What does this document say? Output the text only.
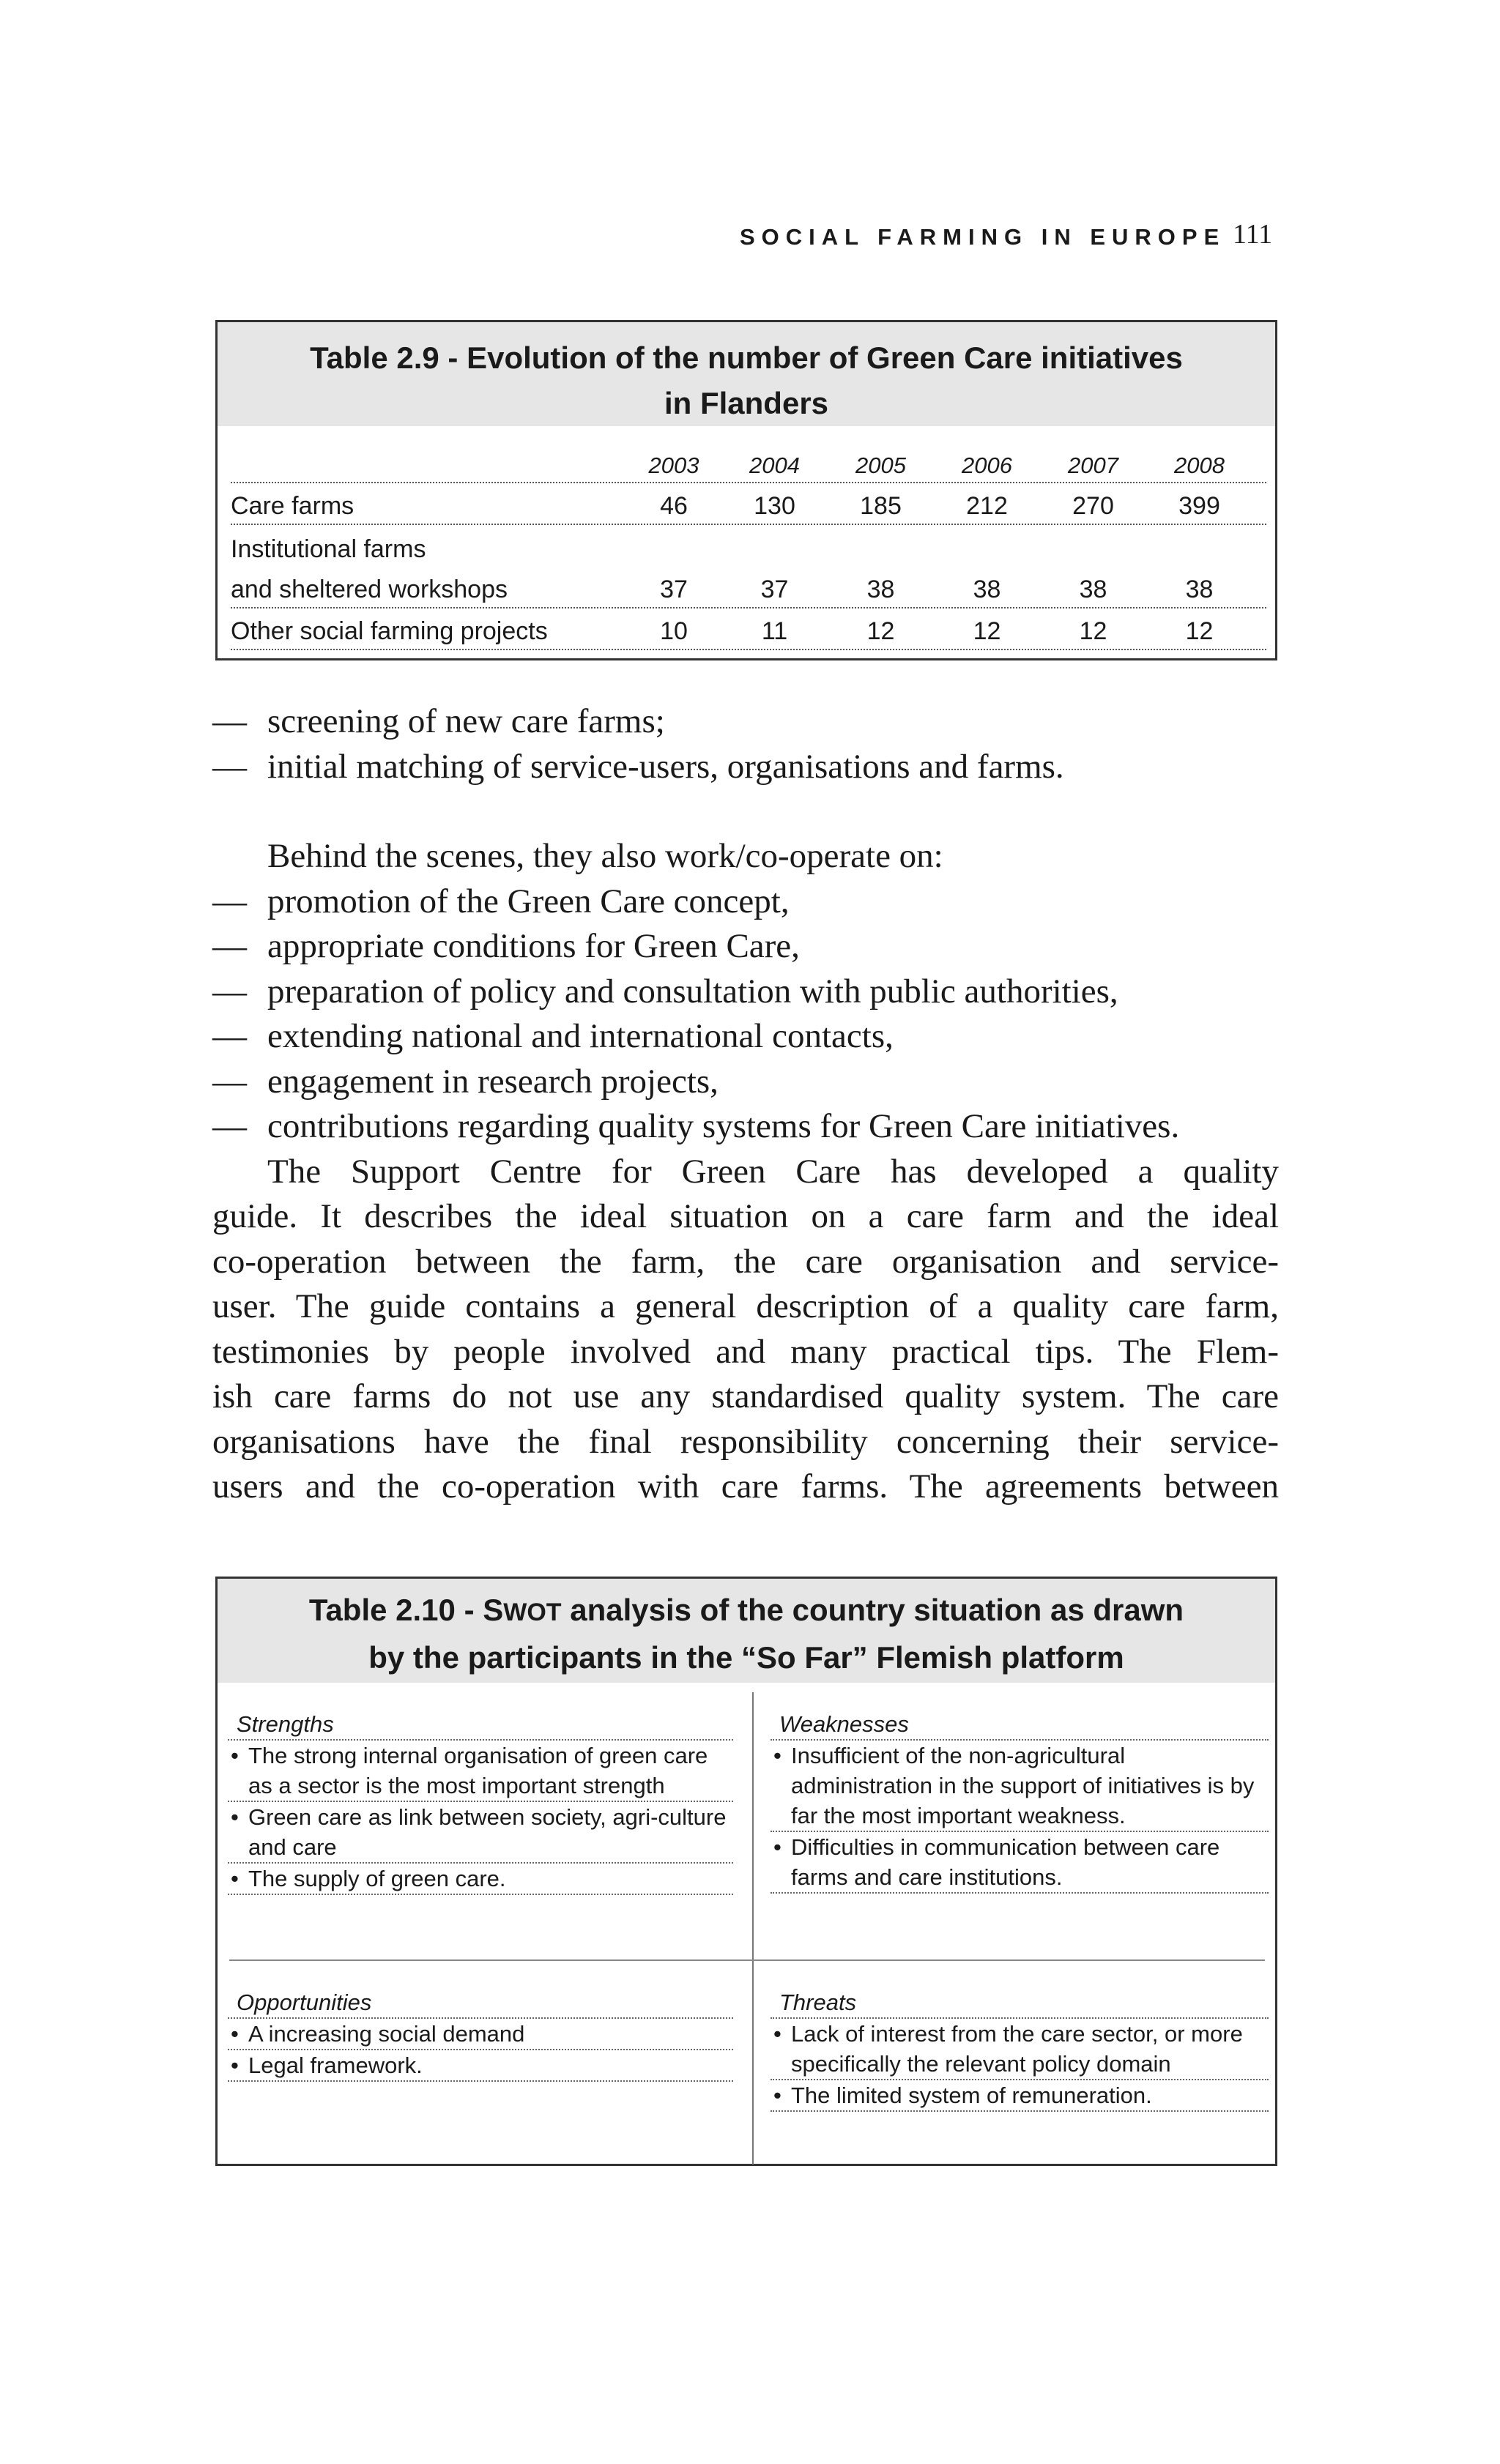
SOCIAL FARMING IN EUROPE 111
Table 2.9 - Evolution of the number of Green Care initiatives
in Flanders
2003	2004	2005	2006	2007	2008
Care farms	46	130	185	212	270	399
Institutional farms
and sheltered workshops	37	37	38	38	38	38
Other social farming projects	10	11	12	12	12	12
— screening of new care farms;
— initial matching of service-users, organisations and farms.
Behind the scenes, they also work/co-operate on:
— promotion of the Green Care concept,
— appropriate conditions for Green Care,
— preparation of policy and consultation with public authorities,
— extending national and international contacts,
— engagement in research projects,
— contributions regarding quality systems for Green Care initiatives.
The Support Centre for Green Care has developed a quality
guide. It describes the ideal situation on a care farm and the ideal
co-operation between the farm, the care organisation and service-
user. The guide contains a general description of a quality care farm,
testimonies by people involved and many practical tips. The Flem-
ish care farms do not use any standardised quality system. The care
organisations have the final responsibility concerning their service-
users and the co-operation with care farms. The agreements between
Table 2.10 - SWOT analysis of the country situation as drawn
by the participants in the “So Far” Flemish platform
Strengths
• The strong internal organisation of green care as a sector is the most important strength
• Green care as link between society, agri-culture and care
• The supply of green care.
Weaknesses
• Insufficient of the non-agricultural administration in the support of initiatives is by far the most important weakness.
• Difficulties in communication between care farms and care institutions.
Opportunities
• A increasing social demand
• Legal framework.
Threats
• Lack of interest from the care sector, or more specifically the relevant policy domain
• The limited system of remuneration.
